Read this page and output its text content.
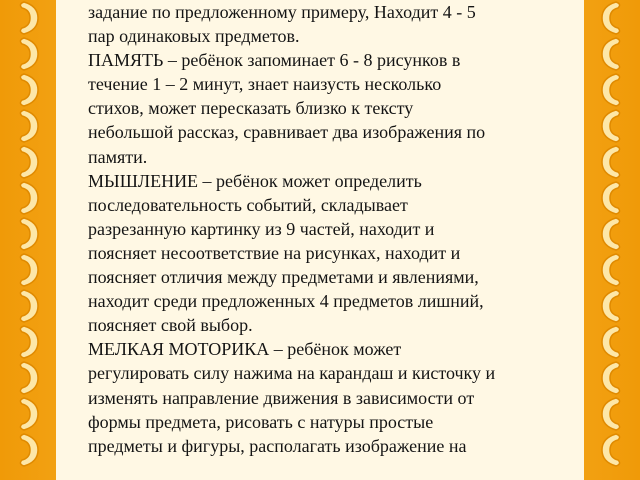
задание по предложенному примеру, Находит 4 - 5
пар одинаковых предметов.
ПАМЯТЬ – ребёнок запоминает 6 - 8 рисунков в
течение 1 – 2 минут, знает наизусть несколько
стихов, может пересказать близко к тексту
небольшой рассказ, сравнивает два изображения по
памяти.
МЫШЛЕНИЕ – ребёнок может определить
последовательность событий, складывает
разрезанную картинку из 9 частей, находит и
поясняет несоответствие на рисунках, находит и
поясняет отличия между предметами и явлениями,
находит среди предложенных 4 предметов лишний,
поясняет свой выбор.
МЕЛКАЯ МОТОРИКА – ребёнок может
регулировать силу нажима на карандаш и кисточку и
изменять направление движения в зависимости от
формы предмета, рисовать с натуры простые
предметы и фигуры, располагать изображение на
